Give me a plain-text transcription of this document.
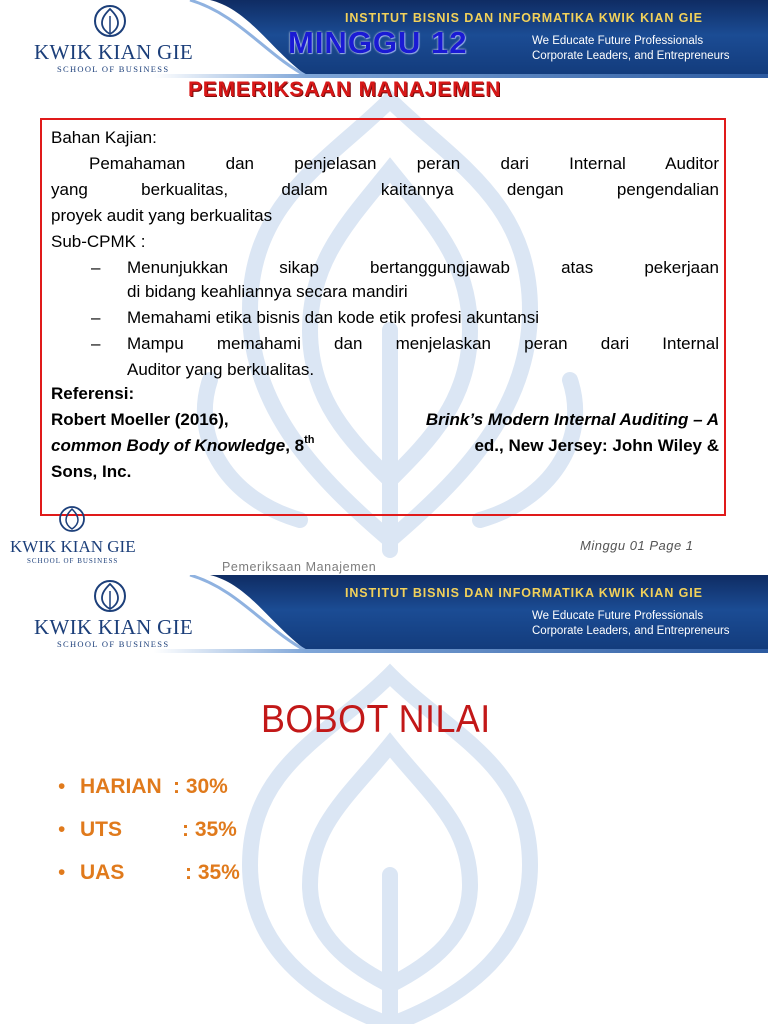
KWIK KIAN GIE
SCHOOL OF BUSINESS
INSTITUT BISNIS DAN INFORMATIKA KWIK KIAN GIE
We Educate Future Professionals
Corporate Leaders, and Entrepreneurs
MINGGU 12
PEMERIKSAAN MANAJEMEN
Bahan Kajian:
Pemahaman dan penjelasan peran dari Internal Auditor
yang berkualitas, dalam kaitannya dengan pengendalian
proyek audit yang berkualitas
Sub-CPMK :
– Menunjukkan sikap bertanggungjawab atas pekerjaan
di bidang keahliannya secara mandiri
– Memahami etika bisnis dan kode etik profesi akuntansi
– Mampu memahami dan menjelaskan peran dari Internal
Auditor yang berkualitas.
Referensi:
Robert Moeller (2016),	Brink’s Modern Internal Auditing – A
common Body of Knowledge , 8th	ed., New Jersey: John Wiley &
Sons, Inc.
KWIK KIAN GIE
SCHOOL OF BUSINESS
Minggu 01 Page 1
Pemeriksaan Manajemen
KWIK KIAN GIE
SCHOOL OF BUSINESS
INSTITUT BISNIS DAN INFORMATIKA KWIK KIAN GIE
We Educate Future Professionals
Corporate Leaders, and Entrepreneurs
BOBOT NILAI
• HARIAN : 30%
• UTS	: 35%
• UAS	: 35%
